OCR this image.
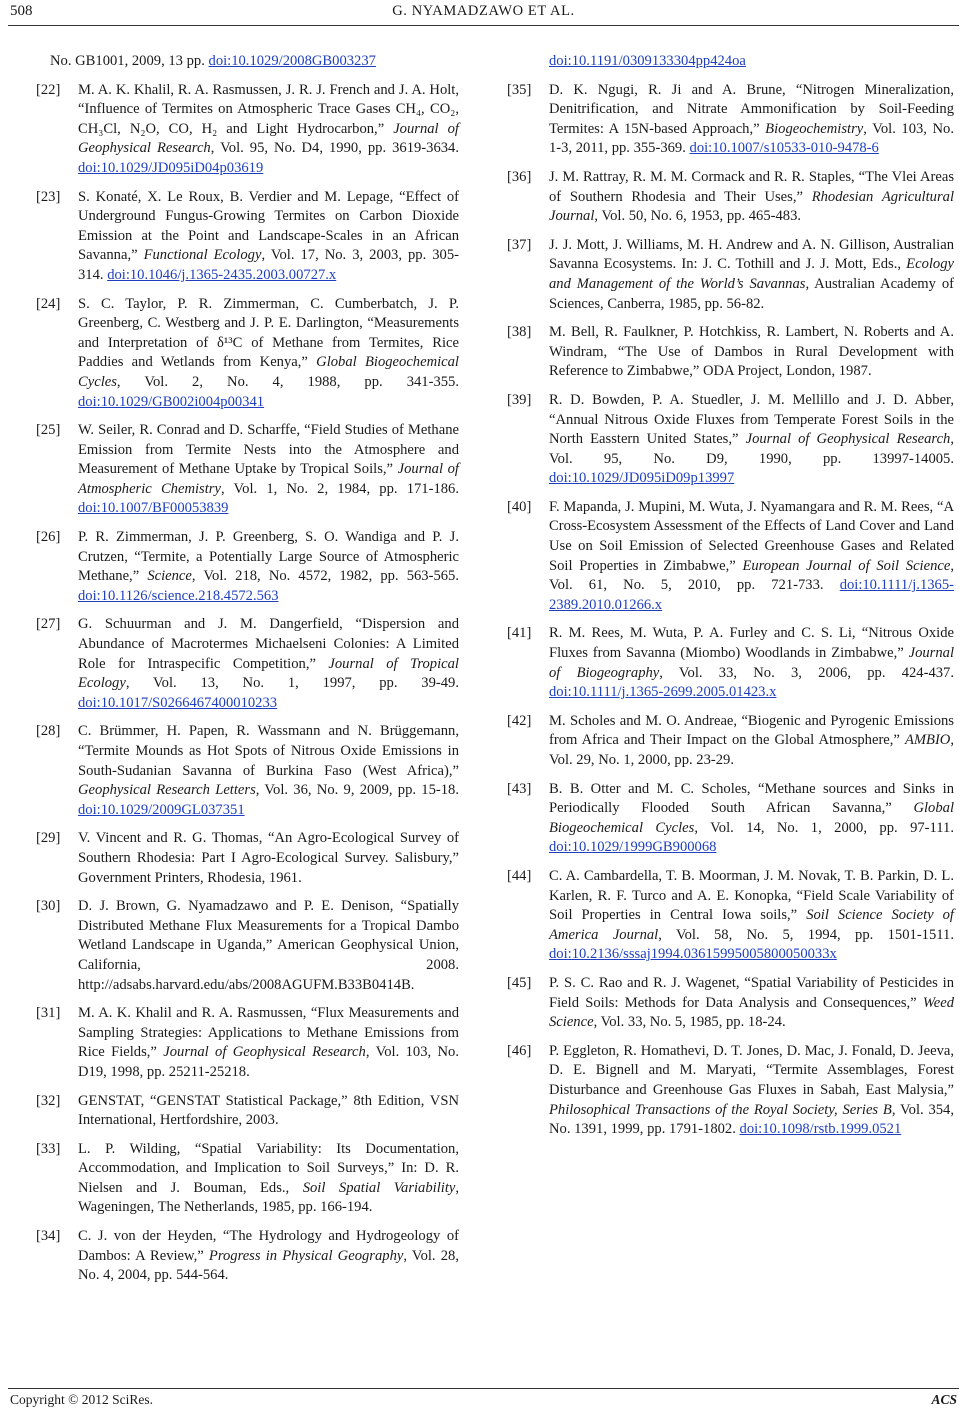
508	G. NYAMADZAWO ET AL.
No. GB1001, 2009, 13 pp. doi:10.1029/2008GB003237
[22] M. A. K. Khalil, R. A. Rasmussen, J. R. J. French and J. A. Holt, “Influence of Termites on Atmospheric Trace Gases CH₄, CO₂, CH₃Cl, N₂O, CO, H₂ and Light Hydrocarbon,” Journal of Geophysical Research, Vol. 95, No. D4, 1990, pp. 3619-3634. doi:10.1029/JD095iD04p03619
[23] S. Konaté, X. Le Roux, B. Verdier and M. Lepage, “Effect of Underground Fungus-Growing Termites on Carbon Dioxide Emission at the Point and Landscape-Scales in an African Savanna,” Functional Ecology, Vol. 17, No. 3, 2003, pp. 305-314. doi:10.1046/j.1365-2435.2003.00727.x
[24] S. C. Taylor, P. R. Zimmerman, C. Cumberbatch, J. P. Greenberg, C. Westberg and J. P. E. Darlington, “Measurements and Interpretation of δ¹³C of Methane from Termites, Rice Paddies and Wetlands from Kenya,” Global Biogeochemical Cycles, Vol. 2, No. 4, 1988, pp. 341-355. doi:10.1029/GB002i004p00341
[25] W. Seiler, R. Conrad and D. Scharffe, “Field Studies of Methane Emission from Termite Nests into the Atmosphere and Measurement of Methane Uptake by Tropical Soils,” Journal of Atmospheric Chemistry, Vol. 1, No. 2, 1984, pp. 171-186. doi:10.1007/BF00053839
[26] P. R. Zimmerman, J. P. Greenberg, S. O. Wandiga and P. J. Crutzen, “Termite, a Potentially Large Source of Atmospheric Methane,” Science, Vol. 218, No. 4572, 1982, pp. 563-565. doi:10.1126/science.218.4572.563
[27] G. Schuurman and J. M. Dangerfield, “Dispersion and Abundance of Macrotermes Michaelseni Colonies: A Limited Role for Intraspecific Competition,” Journal of Tropical Ecology, Vol. 13, No. 1, 1997, pp. 39-49. doi:10.1017/S0266467400010233
[28] C. Brümmer, H. Papen, R. Wassmann and N. Brüggemann, “Termite Mounds as Hot Spots of Nitrous Oxide Emissions in South-Sudanian Savanna of Burkina Faso (West Africa),” Geophysical Research Letters, Vol. 36, No. 9, 2009, pp. 15-18. doi:10.1029/2009GL037351
[29] V. Vincent and R. G. Thomas, “An Agro-Ecological Survey of Southern Rhodesia: Part I Agro-Ecological Survey. Salisbury,” Government Printers, Rhodesia, 1961.
[30] D. J. Brown, G. Nyamadzawo and P. E. Denison, “Spatially Distributed Methane Flux Measurements for a Tropical Dambo Wetland Landscape in Uganda,” American Geophysical Union, California, 2008. http://adsabs.harvard.edu/abs/2008AGUFM.B33B0414B.
[31] M. A. K. Khalil and R. A. Rasmussen, “Flux Measurements and Sampling Strategies: Applications to Methane Emissions from Rice Fields,” Journal of Geophysical Research, Vol. 103, No. D19, 1998, pp. 25211-25218.
[32] GENSTAT, “GENSTAT Statistical Package,” 8th Edition, VSN International, Hertfordshire, 2003.
[33] L. P. Wilding, “Spatial Variability: Its Documentation, Accommodation, and Implication to Soil Surveys,” In: D. R. Nielsen and J. Bouman, Eds., Soil Spatial Variability, Wageningen, The Netherlands, 1985, pp. 166-194.
[34] C. J. von der Heyden, “The Hydrology and Hydrogeology of Dambos: A Review,” Progress in Physical Geography, Vol. 28, No. 4, 2004, pp. 544-564.
doi:10.1191/0309133304pp424oa
[35] D. K. Ngugi, R. Ji and A. Brune, “Nitrogen Mineralization, Denitrification, and Nitrate Ammonification by Soil-Feeding Termites: A 15N-based Approach,” Biogeochemistry, Vol. 103, No. 1-3, 2011, pp. 355-369. doi:10.1007/s10533-010-9478-6
[36] J. M. Rattray, R. M. M. Cormack and R. R. Staples, “The Vlei Areas of Southern Rhodesia and Their Uses,” Rhodesian Agricultural Journal, Vol. 50, No. 6, 1953, pp. 465-483.
[37] J. J. Mott, J. Williams, M. H. Andrew and A. N. Gillison, Australian Savanna Ecosystems. In: J. C. Tothill and J. J. Mott, Eds., Ecology and Management of the World’s Savannas, Australian Academy of Sciences, Canberra, 1985, pp. 56-82.
[38] M. Bell, R. Faulkner, P. Hotchkiss, R. Lambert, N. Roberts and A. Windram, “The Use of Dambos in Rural Development with Reference to Zimbabwe,” ODA Project, London, 1987.
[39] R. D. Bowden, P. A. Stuedler, J. M. Mellillo and J. D. Abber, “Annual Nitrous Oxide Fluxes from Temperate Forest Soils in the North Easstern United States,” Journal of Geophysical Research, Vol. 95, No. D9, 1990, pp. 13997-14005. doi:10.1029/JD095iD09p13997
[40] F. Mapanda, J. Mupini, M. Wuta, J. Nyamangara and R. M. Rees, “A Cross-Ecosystem Assessment of the Effects of Land Cover and Land Use on Soil Emission of Selected Greenhouse Gases and Related Soil Properties in Zimbabwe,” European Journal of Soil Science, Vol. 61, No. 5, 2010, pp. 721-733. doi:10.1111/j.1365-2389.2010.01266.x
[41] R. M. Rees, M. Wuta, P. A. Furley and C. S. Li, “Nitrous Oxide Fluxes from Savanna (Miombo) Woodlands in Zimbabwe,” Journal of Biogeography, Vol. 33, No. 3, 2006, pp. 424-437. doi:10.1111/j.1365-2699.2005.01423.x
[42] M. Scholes and M. O. Andreae, “Biogenic and Pyrogenic Emissions from Africa and Their Impact on the Global Atmosphere,” AMBIO, Vol. 29, No. 1, 2000, pp. 23-29.
[43] B. B. Otter and M. C. Scholes, “Methane sources and Sinks in Periodically Flooded South African Savanna,” Global Biogeochemical Cycles, Vol. 14, No. 1, 2000, pp. 97-111. doi:10.1029/1999GB900068
[44] C. A. Cambardella, T. B. Moorman, J. M. Novak, T. B. Parkin, D. L. Karlen, R. F. Turco and A. E. Konopka, “Field Scale Variability of Soil Properties in Central Iowa soils,” Soil Science Society of America Journal, Vol. 58, No. 5, 1994, pp. 1501-1511. doi:10.2136/sssaj1994.03615995005800050033x
[45] P. S. C. Rao and R. J. Wagenet, “Spatial Variability of Pesticides in Field Soils: Methods for Data Analysis and Consequences,” Weed Science, Vol. 33, No. 5, 1985, pp. 18-24.
[46] P. Eggleton, R. Homathevi, D. T. Jones, D. Mac, J. Fonald, D. Jeeva, D. E. Bignell and M. Maryati, “Termite Assemblages, Forest Disturbance and Greenhouse Gas Fluxes in Sabah, East Malysia,” Philosophical Transactions of the Royal Society, Series B, Vol. 354, No. 1391, 1999, pp. 1791-1802. doi:10.1098/rstb.1999.0521
Copyright © 2012 SciRes.	ACS
